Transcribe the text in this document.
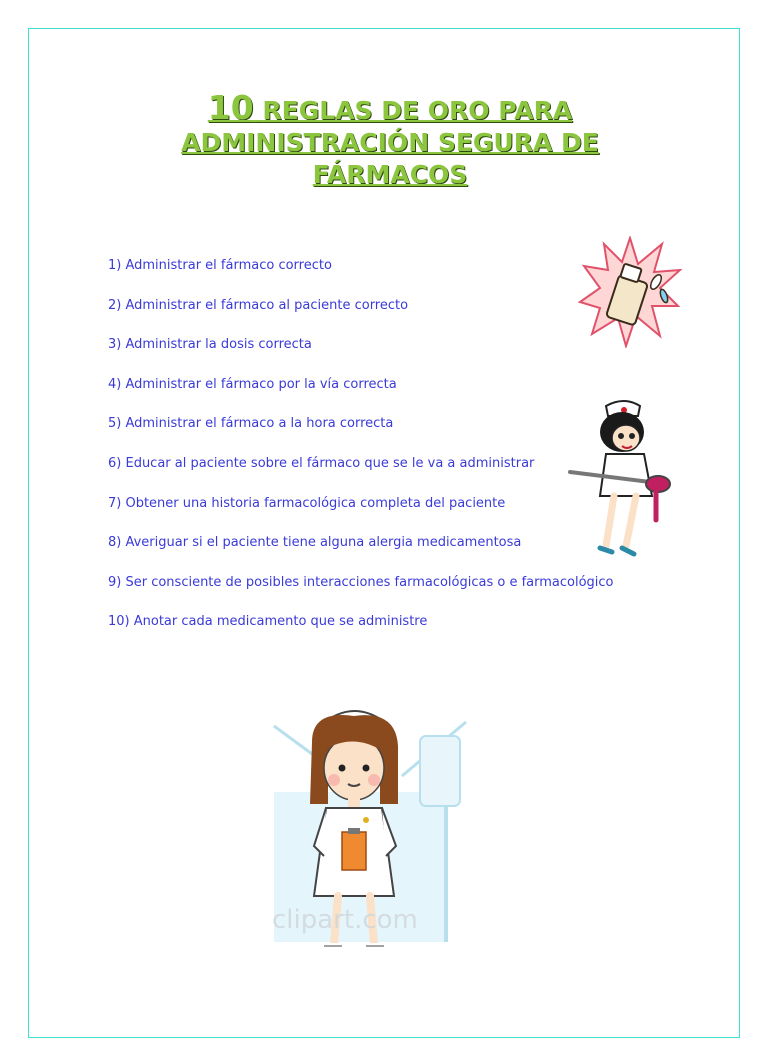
10 REGLAS DE ORO PARA
ADMINISTRACIÓN SEGURA DE
FÁRMACOS
1) Administrar el fármaco correcto
2) Administrar el fármaco al paciente correcto
3) Administrar la dosis correcta
4) Administrar el fármaco por la vía correcta
5) Administrar el fármaco a la hora correcta
6) Educar al paciente sobre el fármaco que se le va a administrar
7) Obtener una historia farmacológica completa del paciente
8) Averiguar si el paciente tiene alguna alergia medicamentosa
9) Ser consciente de posibles interacciones farmacológicas o e farmacológico
10) Anotar cada medicamento que se administre
clipart.com
